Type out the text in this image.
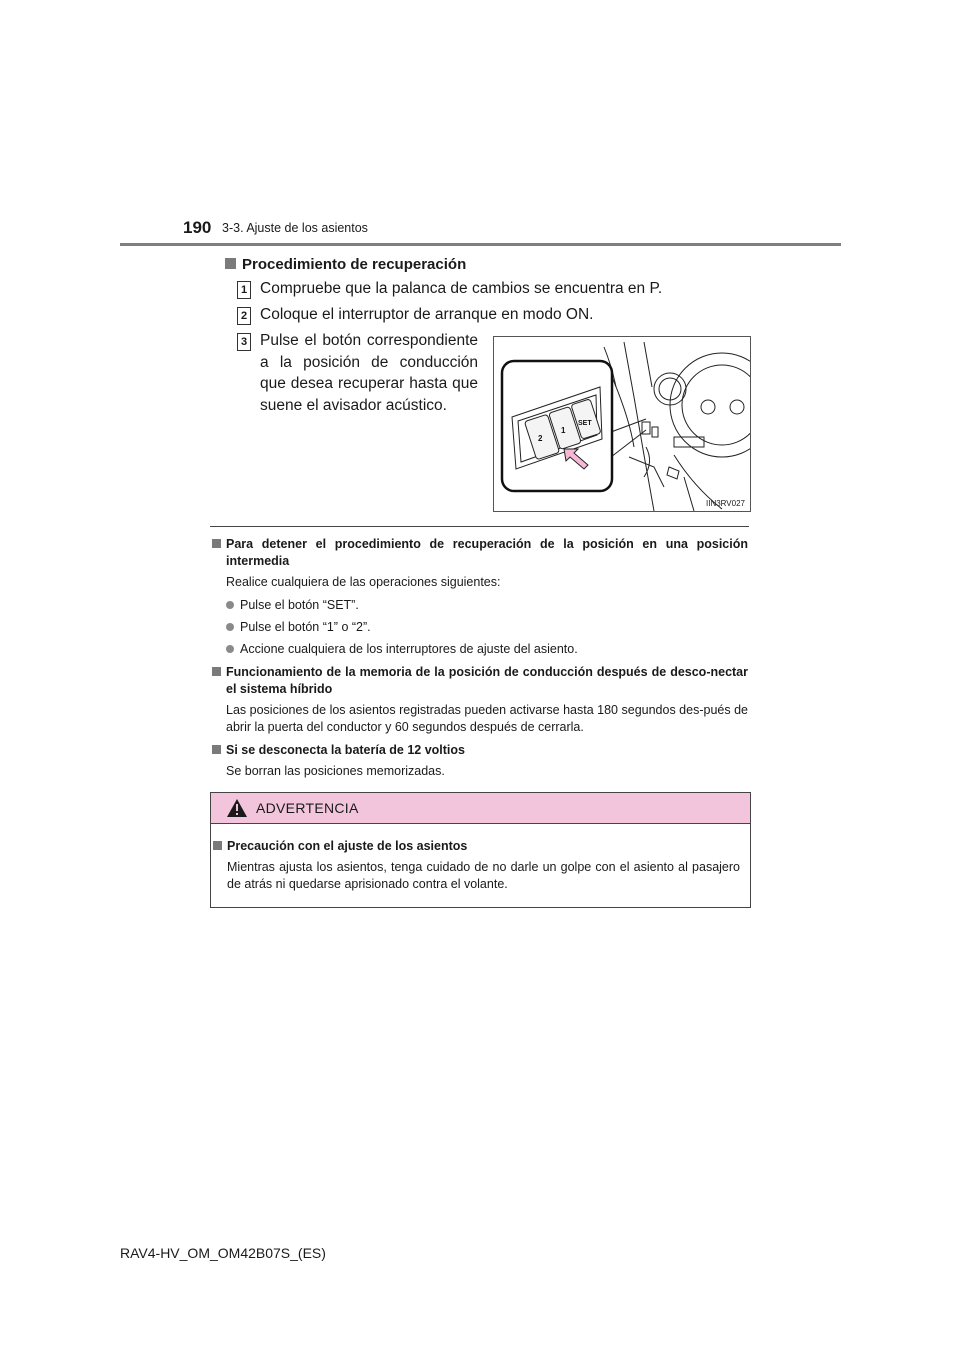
190 3-3. Ajuste de los asientos
Procedimiento de recuperación
1 Compruebe que la palanca de cambios se encuentra en P.
2 Coloque el interruptor de arranque en modo ON.
3 Pulse el botón correspondiente a la posición de conducción que desea recuperar hasta que suene el avisador acústico.
2
1
SET
IIN3RV027

Para detener el procedimiento de recuperación de la posición en una posición intermedia

Realice cualquiera de las operaciones siguientes:

Pulse el botón “SET”.

Pulse el botón “1” o “2”.

Accione cualquiera de los interruptores de ajuste del asiento.

Funcionamiento de la memoria de la posición de conducción después de desco-nectar el sistema híbrido

Las posiciones de los asientos registradas pueden activarse hasta 180 segundos des-pués de abrir la puerta del conductor y 60 segundos después de cerrarla.

Si se desconecta la batería de 12 voltios

Se borran las posiciones memorizadas.

ADVERTENCIA

Precaución con el ajuste de los asientos

Mientras ajusta los asientos, tenga cuidado de no darle un golpe con el asiento al pasajero de atrás ni quedarse aprisionado contra el volante.

RAV4-HV_OM_OM42B07S_(ES)
